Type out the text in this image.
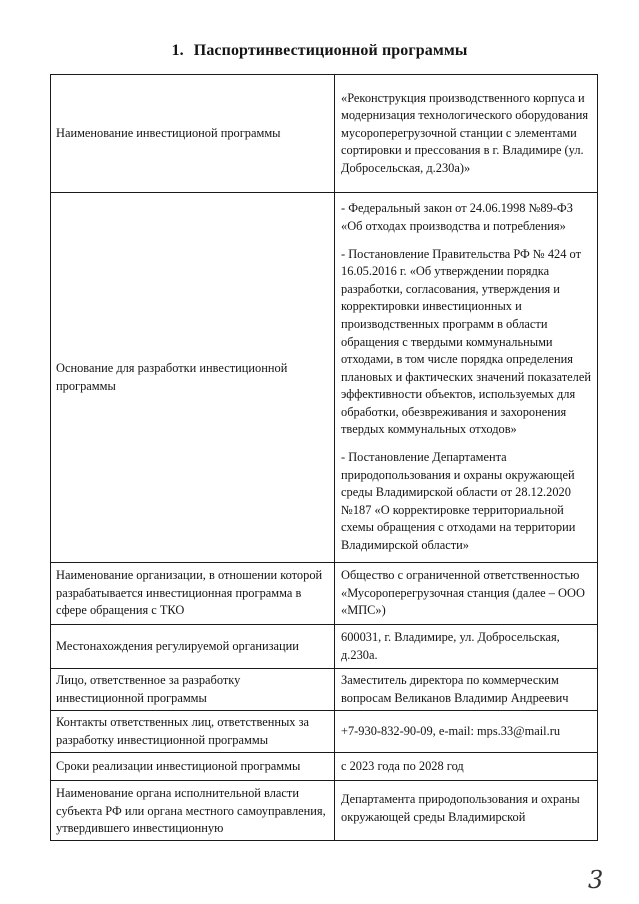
1. Паспортинвестиционной программы
Наименование инвестиционой программы	«Реконструкция производственного корпуса и модернизация технологического оборудования мусороперегрузочной станции с элементами сортировки и прессования в г. Владимире (ул. Добросельская, д.230а)»

Основание для разработки инвестиционной программы	- Федеральный закон от 24.06.1998 №89-ФЗ «Об отходах производства и потребления»
- Постановление Правительства РФ № 424 от 16.05.2016 г. «Об утверждении порядка разработки, согласования, утверждения и корректировки инвестиционных и производственных программ в области обращения с твердыми коммунальными отходами, в том числе порядка определения плановых и фактических значений показателей эффективности объектов, используемых для обработки, обезвреживания и захоронения твердых коммунальных отходов»
- Постановление Департамента природопользования и охраны окружающей среды Владимирской области от 28.12.2020 №187 «О корректировке территориальной схемы обращения с отходами на территории Владимирской области»

Наименование организации, в отношении которой разрабатывается инвестиционная программа в сфере обращения с ТКО	Общество с ограниченной ответственностью «Мусороперегрузочная станция (далее – ООО «МПС»)

Местонахождения регулируемой организации	600031, г. Владимире, ул. Добросельская, д.230а.

Лицо, ответственное за разработку инвестиционной программы	Заместитель директора по коммерческим вопросам Великанов Владимир Андреевич

Контакты ответственных лиц, ответственных за разработку инвестиционной программы	+7-930-832-90-09, e-mail: mps.33@mail.ru

Сроки реализации инвестиционой программы	с 2023 года по 2028 год

Наименование органа исполнительной власти субъекта РФ или органа местного самоуправления, утвердившего инвестиционную	Департамента природопользования и охраны окружающей среды Владимирской
3
